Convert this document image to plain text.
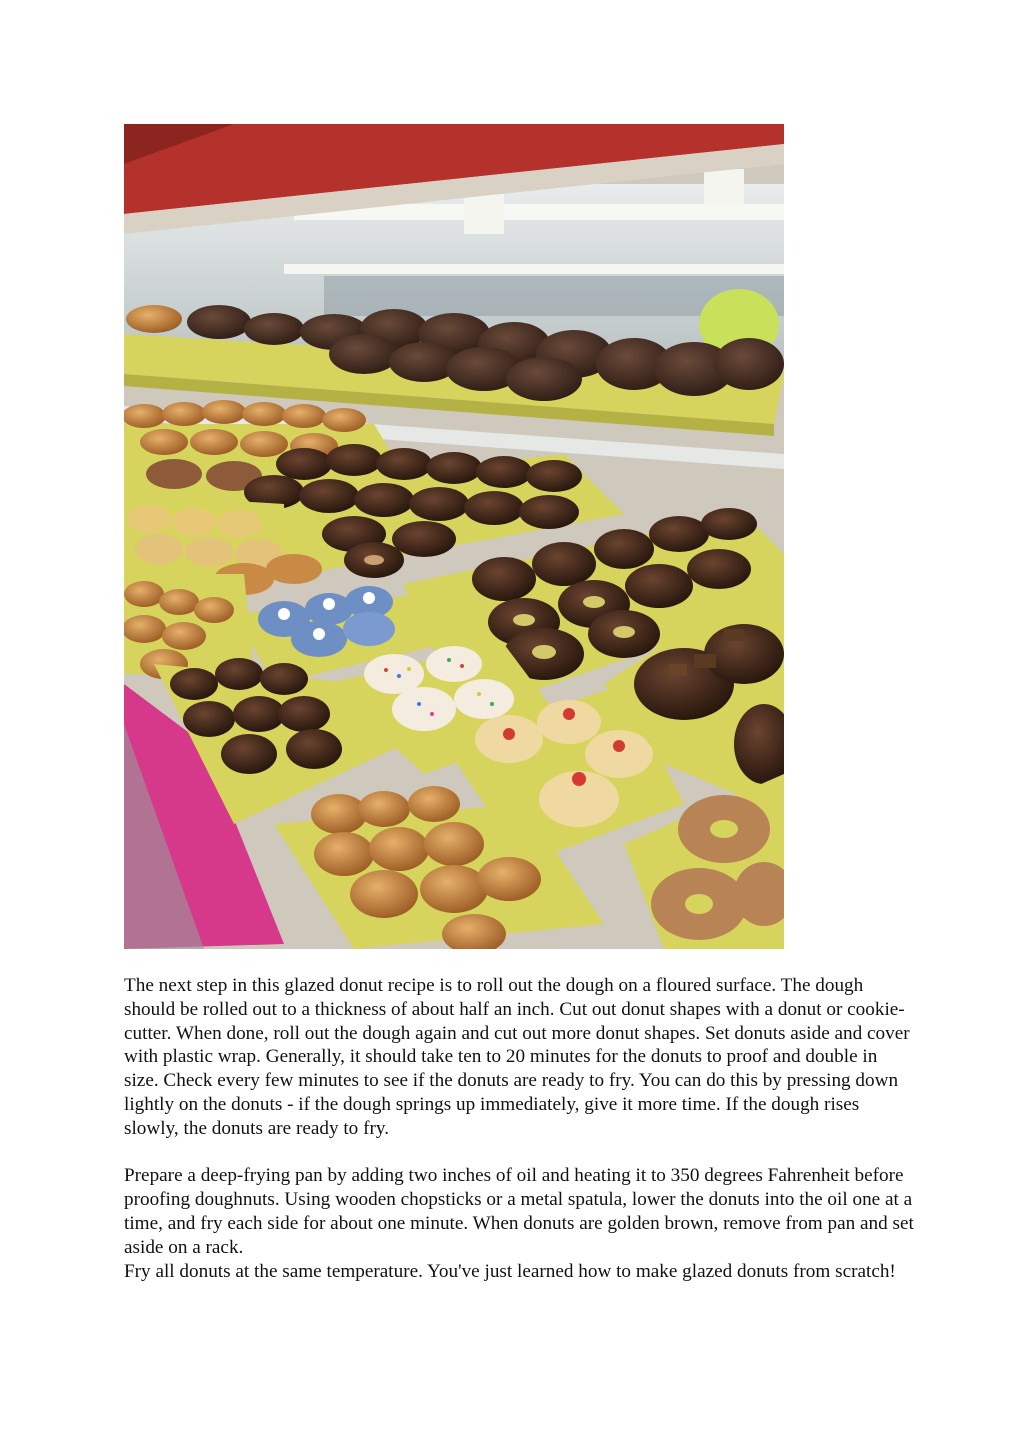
The next step in this glazed donut recipe is to roll out the dough on a floured surface. The dough should be rolled out to a thickness of about half an inch. Cut out donut shapes with a donut or cookie-cutter. When done, roll out the dough again and cut out more donut shapes. Set donuts aside and cover with plastic wrap. Generally, it should take ten to 20 minutes for the donuts to proof and double in size. Check every few minutes to see if the donuts are ready to fry. You can do this by pressing down lightly on the donuts - if the dough springs up immediately, give it more time. If the dough rises slowly, the donuts are ready to fry.

Prepare a deep-frying pan by adding two inches of oil and heating it to 350 degrees Fahrenheit before proofing doughnuts. Using wooden chopsticks or a metal spatula, lower the donuts into the oil one at a time, and fry each side for about one minute. When donuts are golden brown, remove from pan and set aside on a rack.

Fry all donuts at the same temperature. You've just learned how to make glazed donuts from scratch!
